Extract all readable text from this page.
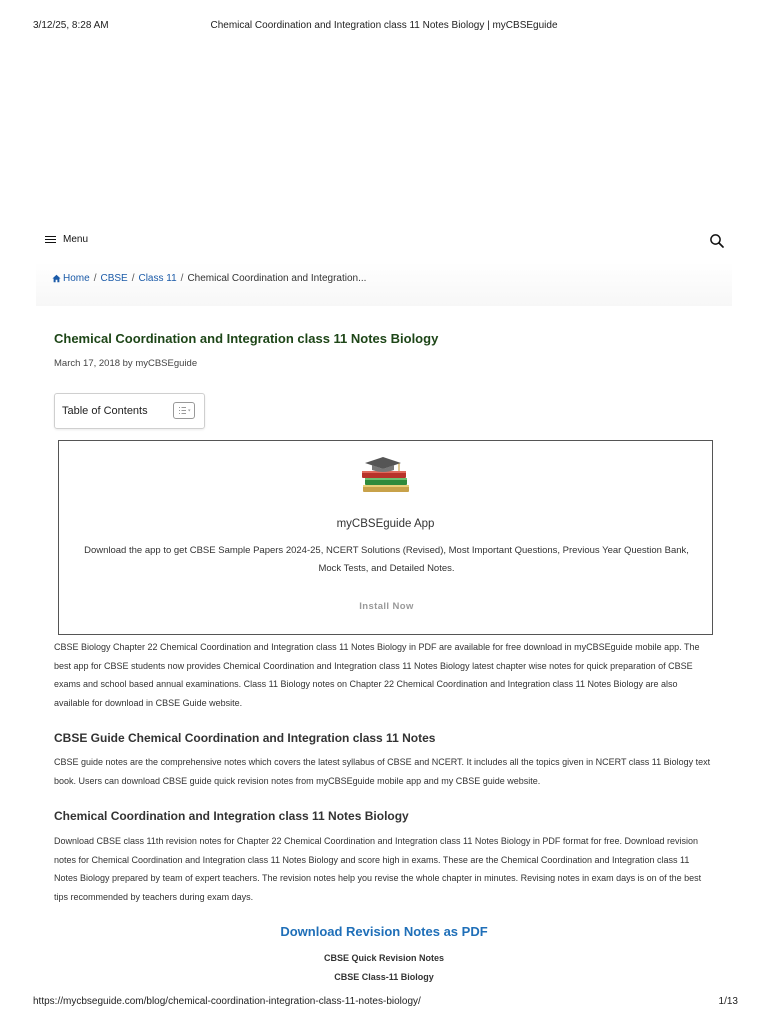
3/12/25, 8:28 AM	Chemical Coordination and Integration class 11 Notes Biology | myCBSEguide
Menu
Home / CBSE / Class 11 / Chemical Coordination and Integration...
Chemical Coordination and Integration class 11 Notes Biology
March 17, 2018 by myCBSEguide
Table of Contents
myCBSEguide App
Download the app to get CBSE Sample Papers 2024-25, NCERT Solutions (Revised), Most Important Questions, Previous Year Question Bank, Mock Tests, and Detailed Notes.
Install Now

CBSE Biology Chapter 22 Chemical Coordination and Integration class 11 Notes Biology in PDF are available for free download in myCBSEguide mobile app. The best app for CBSE students now provides Chemical Coordination and Integration class 11 Notes Biology latest chapter wise notes for quick preparation of CBSE exams and school based annual examinations. Class 11 Biology notes on Chapter 22 Chemical Coordination and Integration class 11 Notes Biology are also available for download in CBSE Guide website.

CBSE Guide Chemical Coordination and Integration class 11 Notes

CBSE guide notes are the comprehensive notes which covers the latest syllabus of CBSE and NCERT. It includes all the topics given in NCERT class 11 Biology text book. Users can download CBSE guide quick revision notes from myCBSEguide mobile app and my CBSE guide website.

Chemical Coordination and Integration class 11 Notes Biology

Download CBSE class 11th revision notes for Chapter 22 Chemical Coordination and Integration class 11 Notes Biology in PDF format for free. Download revision notes for Chemical Coordination and Integration class 11 Notes Biology and score high in exams. These are the Chemical Coordination and Integration class 11 Notes Biology prepared by team of expert teachers. The revision notes help you revise the whole chapter in minutes. Revising notes in exam days is on of the best tips recommended by teachers during exam days.

Download Revision Notes as PDF
CBSE Quick Revision Notes
CBSE Class-11 Biology
https://mycbseguide.com/blog/chemical-coordination-integration-class-11-notes-biology/	1/13
